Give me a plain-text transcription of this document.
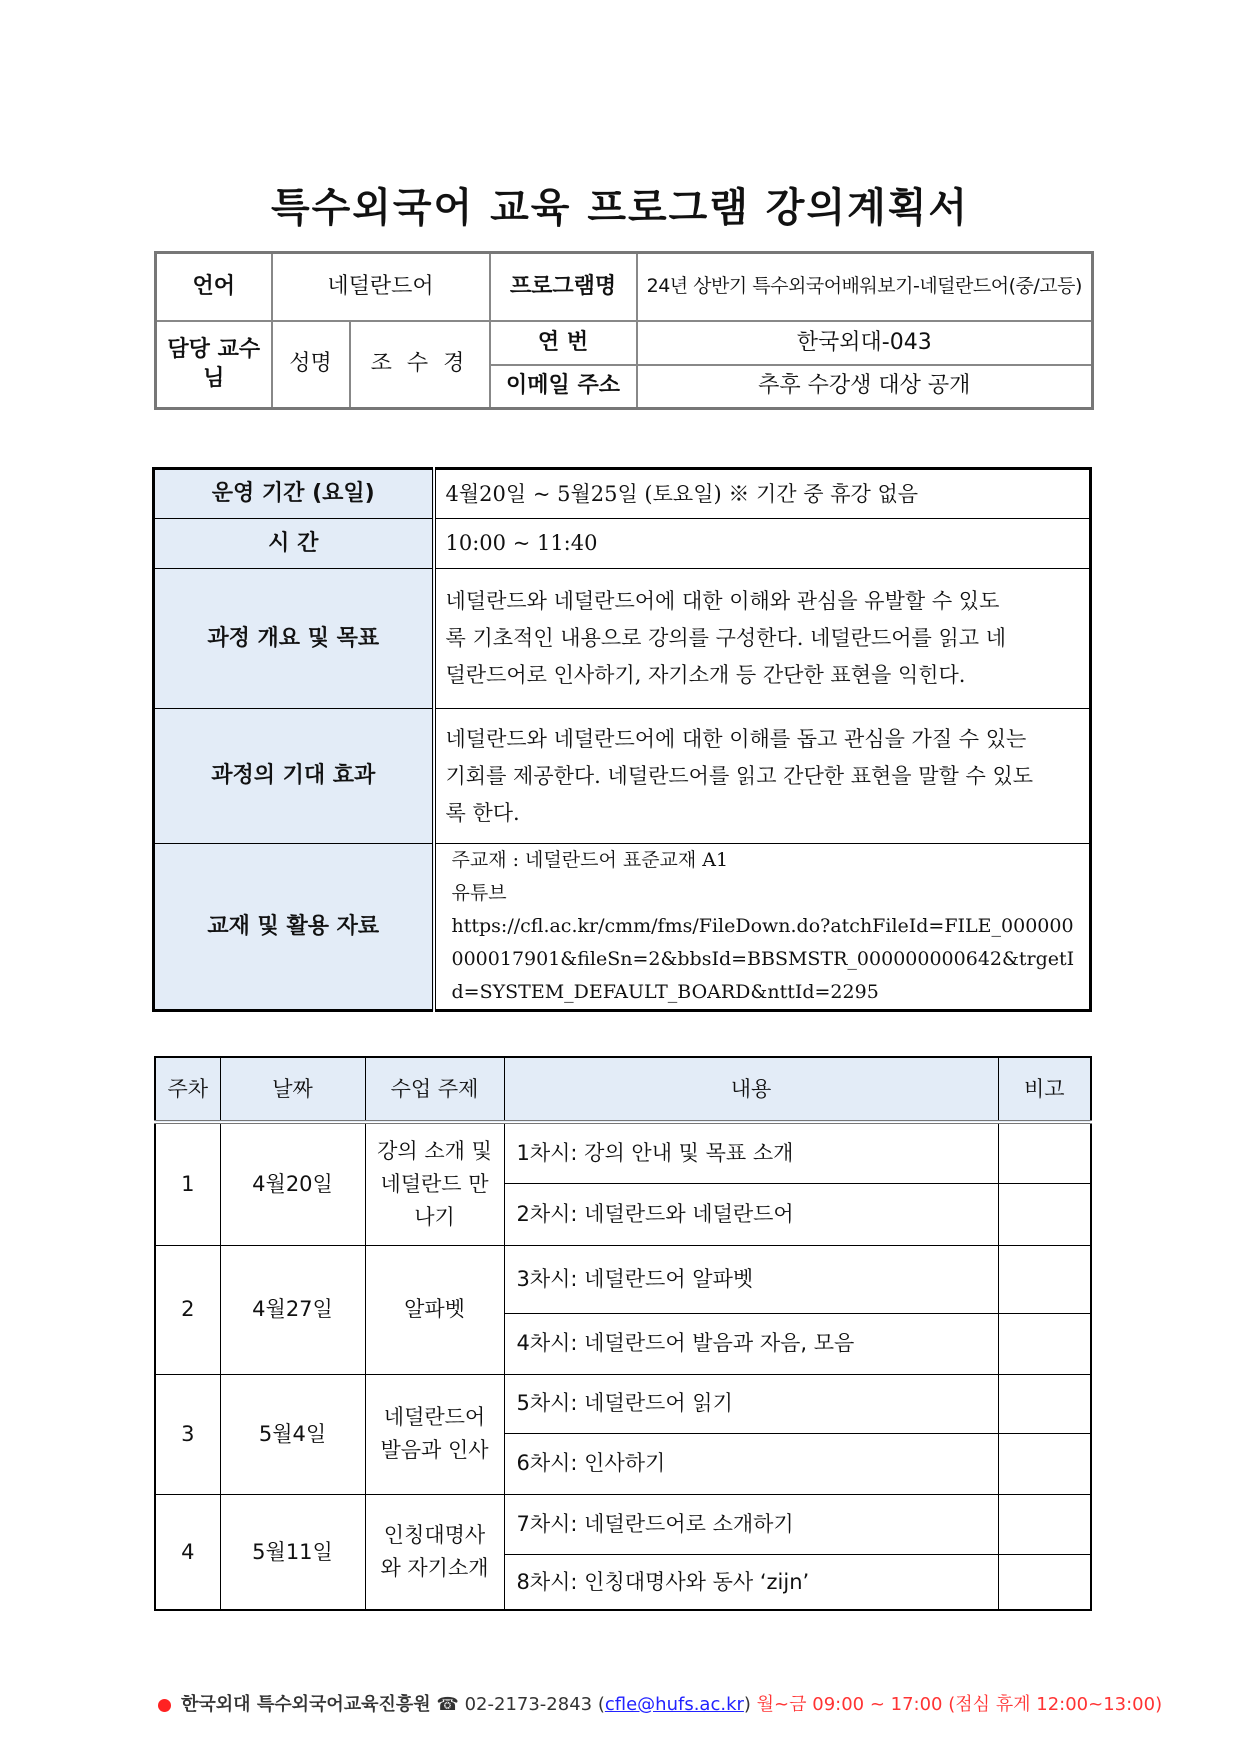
특수외국어 교육 프로그램 강의계획서
언어	네덜란드어		프로그램명	24년 상반기 특수외국어배워보기-네덜란드어(중/고등)
담당 교수님	성명	조 수 경	연 번	한국외대-043
			이메일 주소	추후 수강생 대상 공개
운영 기간 (요일)	4월20일 ~ 5월25일 (토요일) ※ 기간 중 휴강 없음
시 간	10:00 ~ 11:40
과정 개요 및 목표	네덜란드와 네덜란드어에 대한 이해와 관심을 유발할 수 있도록 기초적인 내용으로 강의를 구성한다. 네덜란드어를 읽고 네덜란드어로 인사하기, 자기소개 등 간단한 표현을 익힌다.
과정의 기대 효과	네덜란드와 네덜란드어에 대한 이해를 돕고 관심을 가질 수 있는 기회를 제공한다. 네덜란드어를 읽고 간단한 표현을 말할 수 있도록 한다.
교재 및 활용 자료	주교재 : 네덜란드어 표준교재 A1
유튜브
https://cfl.ac.kr/cmm/fms/FileDown.do?atchFileId=FILE_000000000017901&fileSn=2&bbsId=BBSMSTR_000000000642&trgetId=SYSTEM_DEFAULT_BOARD&nttId=2295
주차	날짜	수업 주제	내용	비고
1	4월20일	강의 소개 및 네덜란드 만나기	1차시: 강의 안내 및 목표 소개	
			2차시: 네덜란드와 네덜란드어	
2	4월27일	알파벳	3차시: 네덜란드어 알파벳	
			4차시: 네덜란드어 발음과 자음, 모음	
3	5월4일	네덜란드어 발음과 인사	5차시: 네덜란드어 읽기	
			6차시: 인사하기	
4	5월11일	인칭대명사와 자기소개	7차시: 네덜란드어로 소개하기	
			8차시: 인칭대명사와 동사 ‘zijn’	
한국외대 특수외국어교육진흥원 ☎ 02-2173-2843 (cfle@hufs.ac.kr) 월~금 09:00 ~ 17:00 (점심 휴게 12:00~13:00)
